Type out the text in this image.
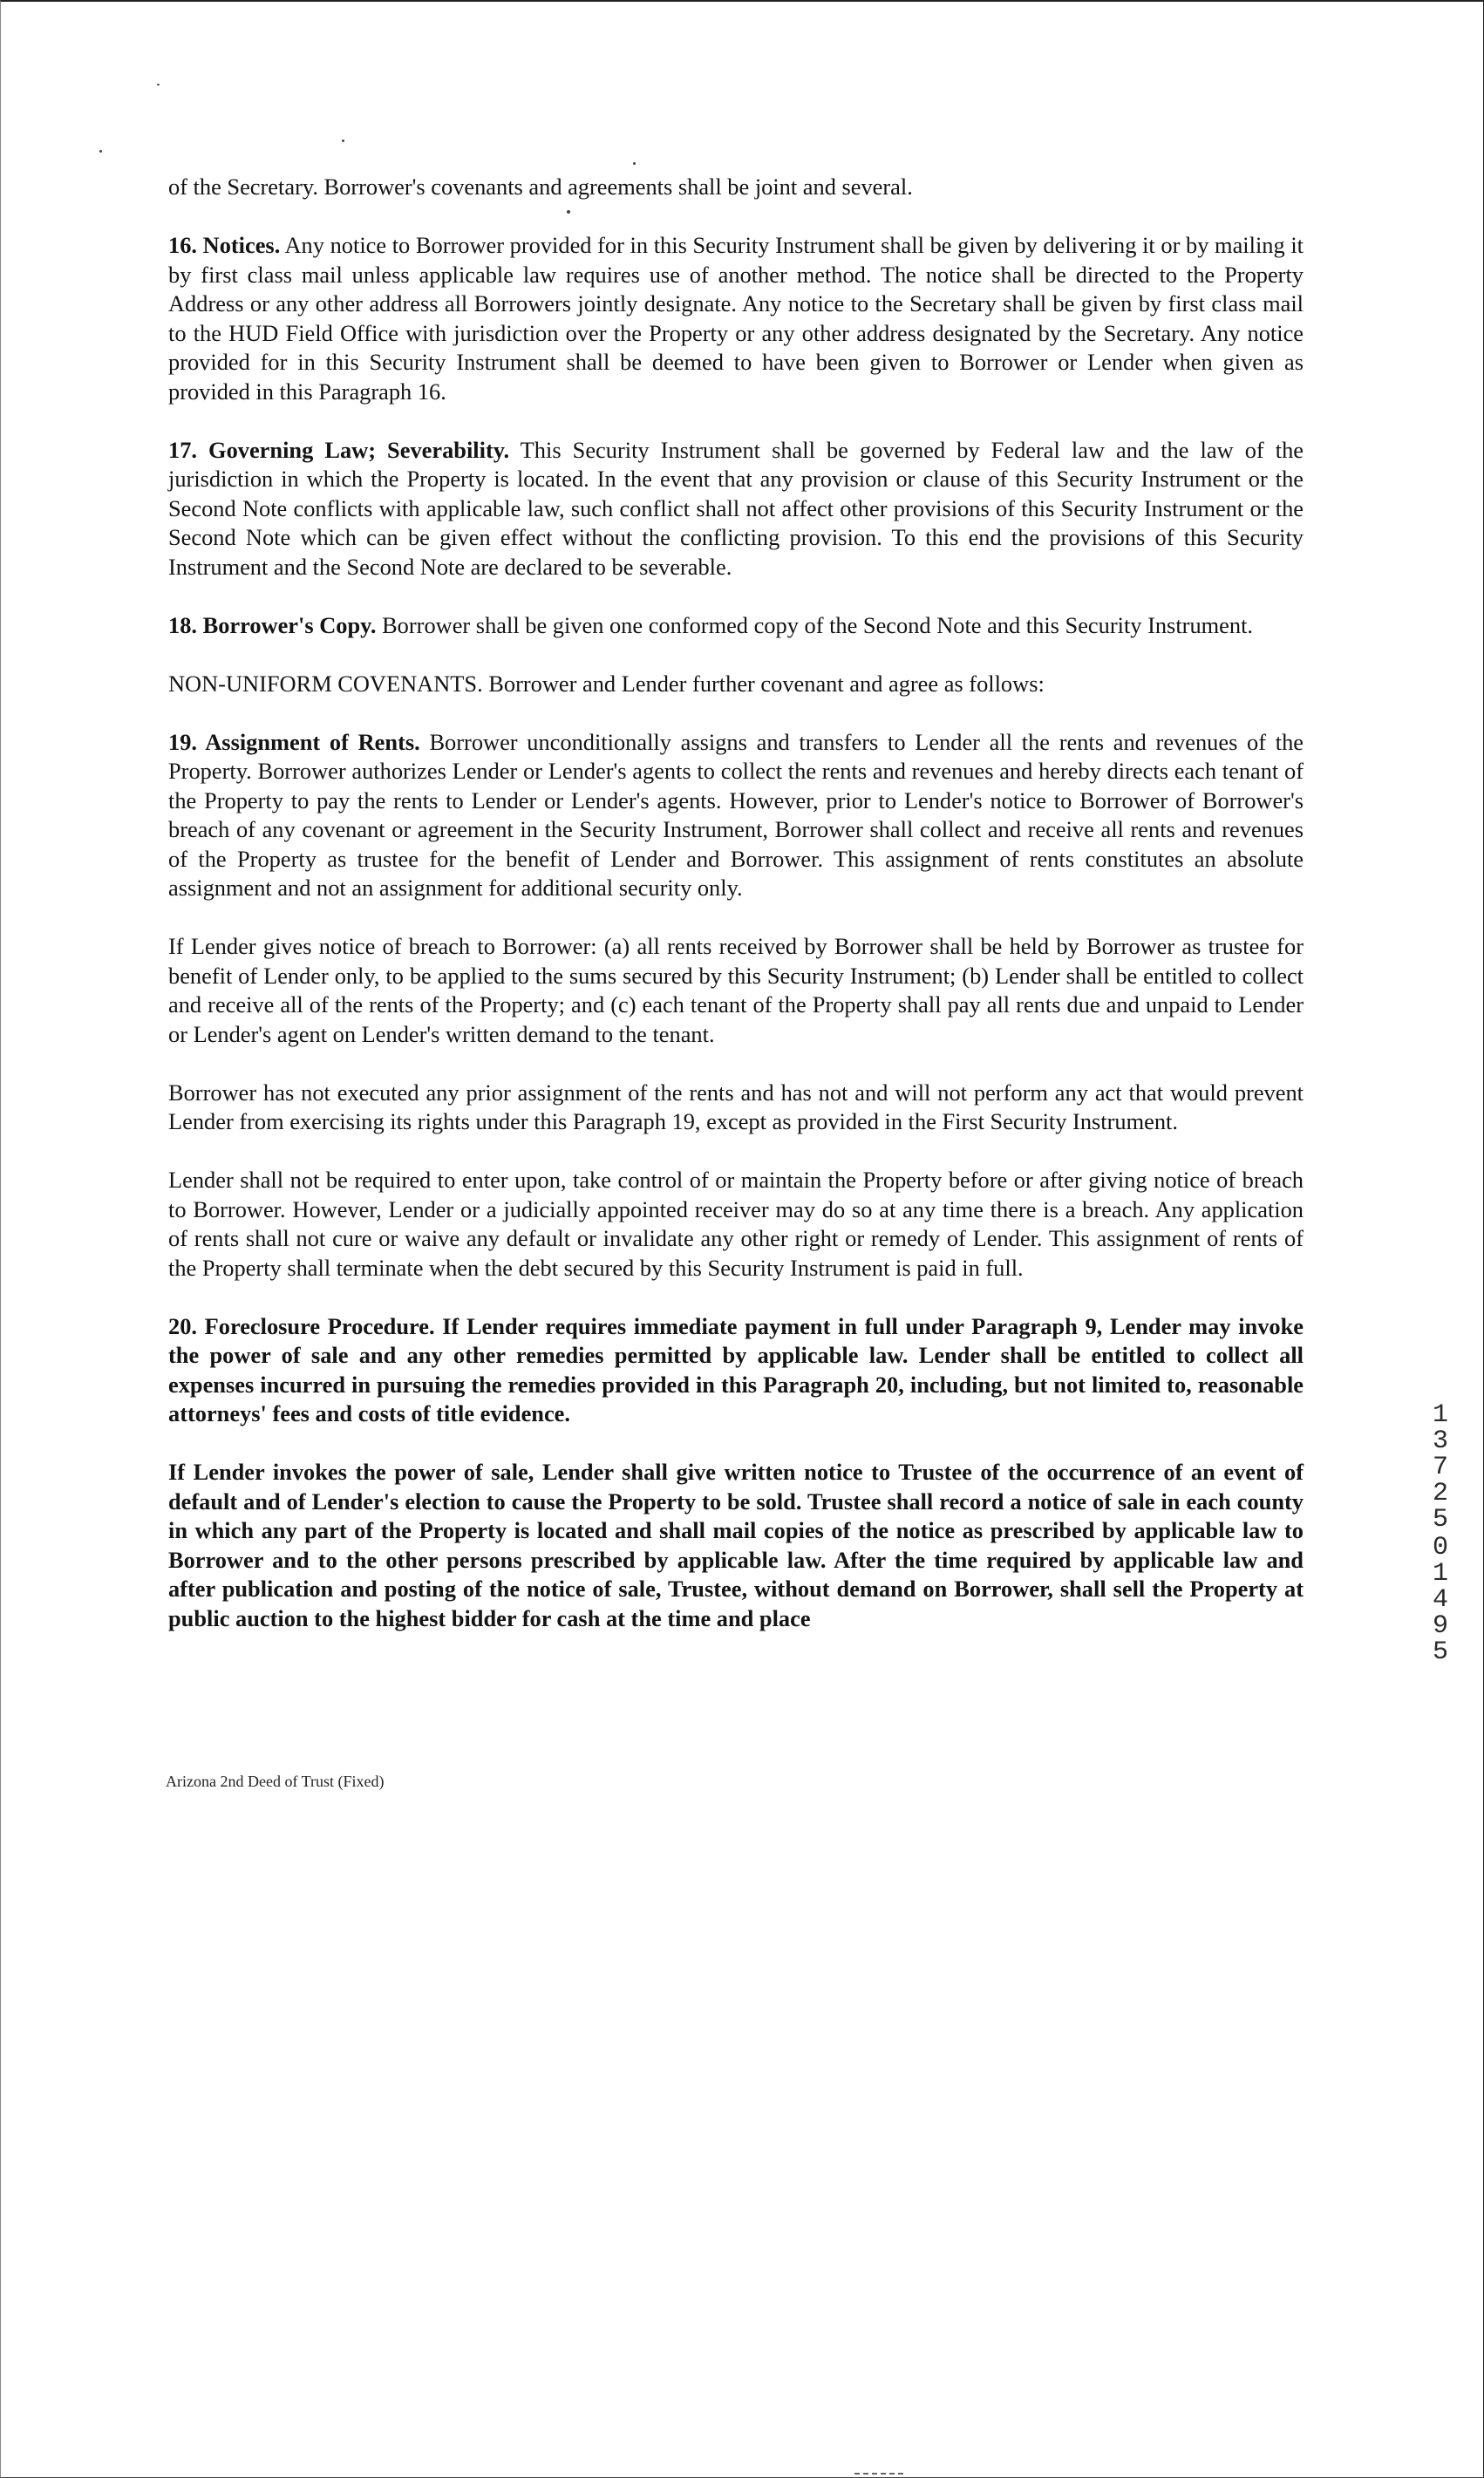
of the Secretary. Borrower's covenants and agreements shall be joint and several.

16. Notices. Any notice to Borrower provided for in this Security Instrument shall be given by delivering it or by mailing it by first class mail unless applicable law requires use of another method. The notice shall be directed to the Property Address or any other address all Borrowers jointly designate. Any notice to the Secretary shall be given by first class mail to the HUD Field Office with jurisdiction over the Property or any other address designated by the Secretary. Any notice provided for in this Security Instrument shall be deemed to have been given to Borrower or Lender when given as provided in this Paragraph 16.

17. Governing Law; Severability. This Security Instrument shall be governed by Federal law and the law of the jurisdiction in which the Property is located. In the event that any provision or clause of this Security Instrument or the Second Note conflicts with applicable law, such conflict shall not affect other provisions of this Security Instrument or the Second Note which can be given effect without the conflicting provision. To this end the provisions of this Security Instrument and the Second Note are declared to be severable.

18. Borrower's Copy. Borrower shall be given one conformed copy of the Second Note and this Security Instrument.

NON-UNIFORM COVENANTS. Borrower and Lender further covenant and agree as follows:

19. Assignment of Rents. Borrower unconditionally assigns and transfers to Lender all the rents and revenues of the Property. Borrower authorizes Lender or Lender's agents to collect the rents and revenues and hereby directs each tenant of the Property to pay the rents to Lender or Lender's agents. However, prior to Lender's notice to Borrower of Borrower's breach of any covenant or agreement in the Security Instrument, Borrower shall collect and receive all rents and revenues of the Property as trustee for the benefit of Lender and Borrower. This assignment of rents constitutes an absolute assignment and not an assignment for additional security only.

If Lender gives notice of breach to Borrower: (a) all rents received by Borrower shall be held by Borrower as trustee for benefit of Lender only, to be applied to the sums secured by this Security Instrument; (b) Lender shall be entitled to collect and receive all of the rents of the Property; and (c) each tenant of the Property shall pay all rents due and unpaid to Lender or Lender's agent on Lender's written demand to the tenant.

Borrower has not executed any prior assignment of the rents and has not and will not perform any act that would prevent Lender from exercising its rights under this Paragraph 19, except as provided in the First Security Instrument.

Lender shall not be required to enter upon, take control of or maintain the Property before or after giving notice of breach to Borrower. However, Lender or a judicially appointed receiver may do so at any time there is a breach. Any application of rents shall not cure or waive any default or invalidate any other right or remedy of Lender. This assignment of rents of the Property shall terminate when the debt secured by this Security Instrument is paid in full.

20. Foreclosure Procedure. If Lender requires immediate payment in full under Paragraph 9, Lender may invoke the power of sale and any other remedies permitted by applicable law. Lender shall be entitled to collect all expenses incurred in pursuing the remedies provided in this Paragraph 20, including, but not limited to, reasonable attorneys' fees and costs of title evidence.

If Lender invokes the power of sale, Lender shall give written notice to Trustee of the occurrence of an event of default and of Lender's election to cause the Property to be sold. Trustee shall record a notice of sale in each county in which any part of the Property is located and shall mail copies of the notice as prescribed by applicable law to Borrower and to the other persons prescribed by applicable law. After the time required by applicable law and after publication and posting of the notice of sale, Trustee, without demand on Borrower, shall sell the Property at public auction to the highest bidder for cash at the time and place

Arizona 2nd Deed of Trust (Fixed)
13725
01495
